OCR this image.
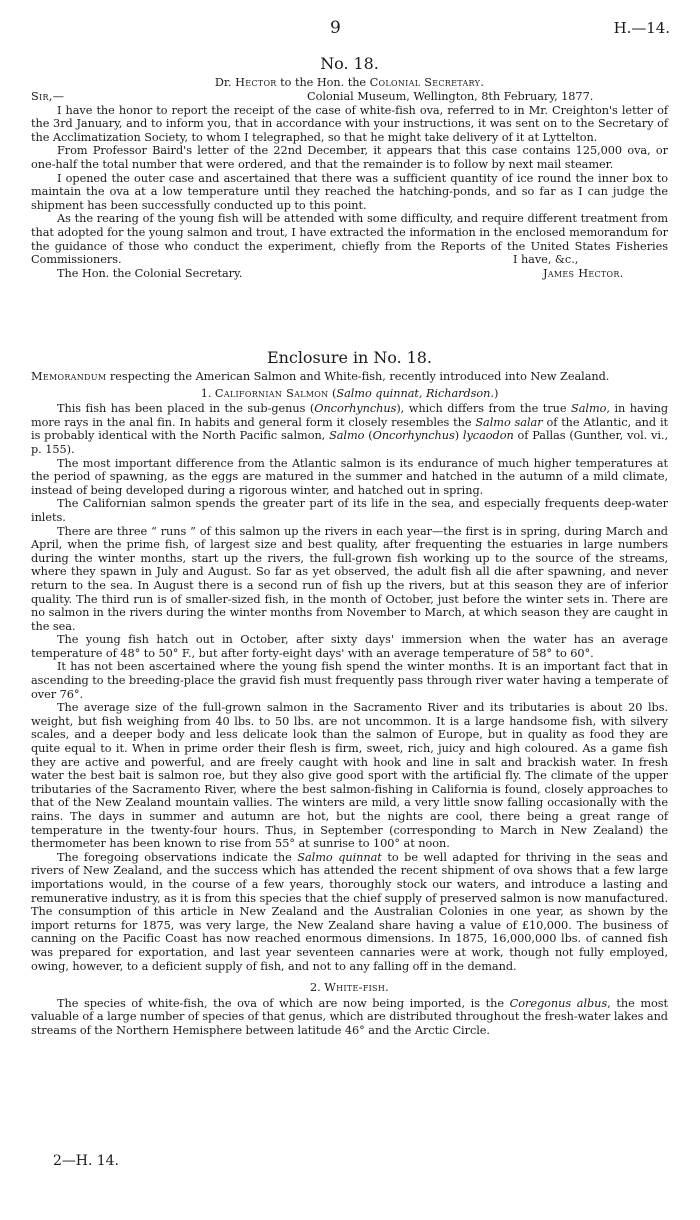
9	H.—14.
No. 18.
Dr. Hector to the Hon. the Colonial Secretary.
Sir,—	Colonial Museum, Wellington, 8th February, 1877.

I have the honor to report the receipt of the case of white-fish ova, referred to in Mr. Creighton's letter of the 3rd January, and to inform you, that in accordance with your instructions, it was sent on to the Secretary of the Acclimatization Society, to whom I telegraphed, so that he might take delivery of it at Lyttelton.

From Professor Baird's letter of the 22nd December, it appears that this case contains 125,000 ova, or one-half the total number that were ordered, and that the remainder is to follow by next mail steamer.

I opened the outer case and ascertained that there was a sufficient quantity of ice round the inner box to maintain the ova at a low temperature until they reached the hatching-ponds, and so far as I can judge the shipment has been successfully conducted up to this point.

As the rearing of the young fish will be attended with some difficulty, and require different treatment from that adopted for the young salmon and trout, I have extracted the information in the enclosed memorandum for the guidance of those who conduct the experiment, chiefly from the Reports of the United States Fisheries Commissioners.

The Hon. the Colonial Secretary.
I have, &c.,
James Hector.
Enclosure in No. 18.

Memorandum respecting the American Salmon and White-fish, recently introduced into New Zealand.

1. Californian Salmon (Salmo quinnat, Richardson.)

This fish has been placed in the sub-genus (Oncorhynchus), which differs from the true Salmo, in having more rays in the anal fin. In habits and general form it closely resembles the Salmo salar of the Atlantic, and it is probably identical with the North Pacific salmon, Salmo (Oncorhynchus) lycaodon of Pallas (Gunther, vol. vi., p. 155).

The most important difference from the Atlantic salmon is its endurance of much higher temperatures at the period of spawning, as the eggs are matured in the summer and hatched in the autumn of a mild climate, instead of being developed during a rigorous winter, and hatched out in spring.

The Californian salmon spends the greater part of its life in the sea, and especially frequents deep-water inlets.

There are three “ runs ” of this salmon up the rivers in each year—the first is in spring, during March and April, when the prime fish, of largest size and best quality, after frequenting the estuaries in large numbers during the winter months, start up the rivers, the full-grown fish working up to the source of the streams, where they spawn in July and August. So far as yet observed, the adult fish all die after spawning, and never return to the sea. In August there is a second run of fish up the rivers, but at this season they are of inferior quality. The third run is of smaller-sized fish, in the month of October, just before the winter sets in. There are no salmon in the rivers during the winter months from November to March, at which season they are caught in the sea.

The young fish hatch out in October, after sixty days' immersion when the water has an average temperature of 48° to 50° F., but after forty-eight days' with an average temperature of 58° to 60°.

It has not been ascertained where the young fish spend the winter months. It is an important fact that in ascending to the breeding-place the gravid fish must frequently pass through river water having a temperate of over 76°.

The average size of the full-grown salmon in the Sacramento River and its tributaries is about 20 lbs. weight, but fish weighing from 40 lbs. to 50 lbs. are not uncommon. It is a large handsome fish, with silvery scales, and a deeper body and less delicate look than the salmon of Europe, but in quality as food they are quite equal to it. When in prime order their flesh is firm, sweet, rich, juicy and high coloured. As a game fish they are active and powerful, and are freely caught with hook and line in salt and brackish water. In fresh water the best bait is salmon roe, but they also give good sport with the artificial fly. The climate of the upper tributaries of the Sacramento River, where the best salmon-fishing in California is found, closely approaches to that of the New Zealand mountain vallies. The winters are mild, a very little snow falling occasionally with the rains. The days in summer and autumn are hot, but the nights are cool, there being a great range of temperature in the twenty-four hours. Thus, in September (corresponding to March in New Zealand) the thermometer has been known to rise from 55° at sunrise to 100° at noon.

The foregoing observations indicate the Salmo quinnat to be well adapted for thriving in the seas and rivers of New Zealand, and the success which has attended the recent shipment of ova shows that a few large importations would, in the course of a few years, thoroughly stock our waters, and introduce a lasting and remunerative industry, as it is from this species that the chief supply of preserved salmon is now manufactured. The consumption of this article in New Zealand and the Australian Colonies in one year, as shown by the import returns for 1875, was very large, the New Zealand share having a value of £10,000. The business of canning on the Pacific Coast has now reached enormous dimensions. In 1875, 16,000,000 lbs. of canned fish was prepared for exportation, and last year seventeen cannaries were at work, though not fully employed, owing, however, to a deficient supply of fish, and not to any falling off in the demand.

2. White-fish.

The species of white-fish, the ova of which are now being imported, is the Coregonus albus, the most valuable of a large number of species of that genus, which are distributed throughout the fresh-water lakes and streams of the Northern Hemisphere between latitude 46° and the Arctic Circle.

2—H. 14.
